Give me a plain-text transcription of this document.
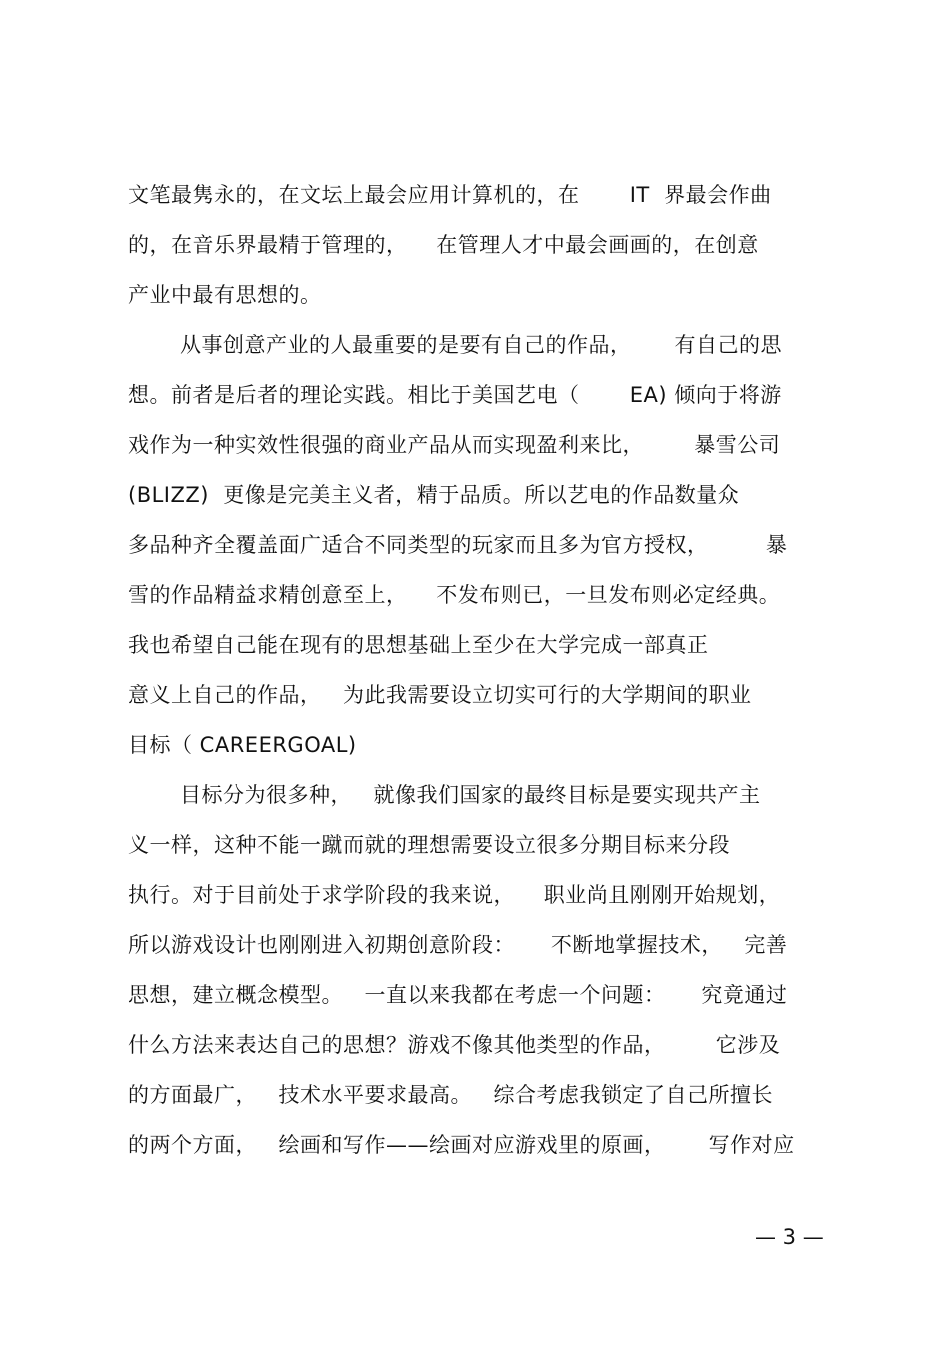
文笔最隽永的，在文坛上最会应用计算机的，在       IT  界最会作曲
的，在音乐界最精于管理的，    在管理人才中最会画画的，在创意
产业中最有思想的。
从事创意产业的人最重要的是要有自己的作品，      有自己的思
想。前者是后者的理论实践。相比于美国艺电（       EA) 倾向于将游
戏作为一种实效性很强的商业产品从而实现盈利来比，       暴雪公司
(BLIZZ)  更像是完美主义者，精于品质。所以艺电的作品数量众
多品种齐全覆盖面广适合不同类型的玩家而且多为官方授权，        暴
雪的作品精益求精创意至上，    不发布则已，一旦发布则必定经典。
我也希望自己能在现有的思想基础上至少在大学完成一部真正
意义上自己的作品，   为此我需要设立切实可行的大学期间的职业
目标（ CAREERGOAL)
目标分为很多种，   就像我们国家的最终目标是要实现共产主
义一样，这种不能一蹴而就的理想需要设立很多分期目标来分段
执行。对于目前处于求学阶段的我来说，    职业尚且刚刚开始规划，
所以游戏设计也刚刚进入初期创意阶段：     不断地掌握技术，   完善
思想，建立概念模型。   一直以来我都在考虑一个问题：     究竟通过
什么方法来表达自己的思想？游戏不像其他类型的作品，       它涉及
的方面最广，   技术水平要求最高。   综合考虑我锁定了自己所擅长
的两个方面，   绘画和写作——绘画对应游戏里的原画，      写作对应
— 3 —
